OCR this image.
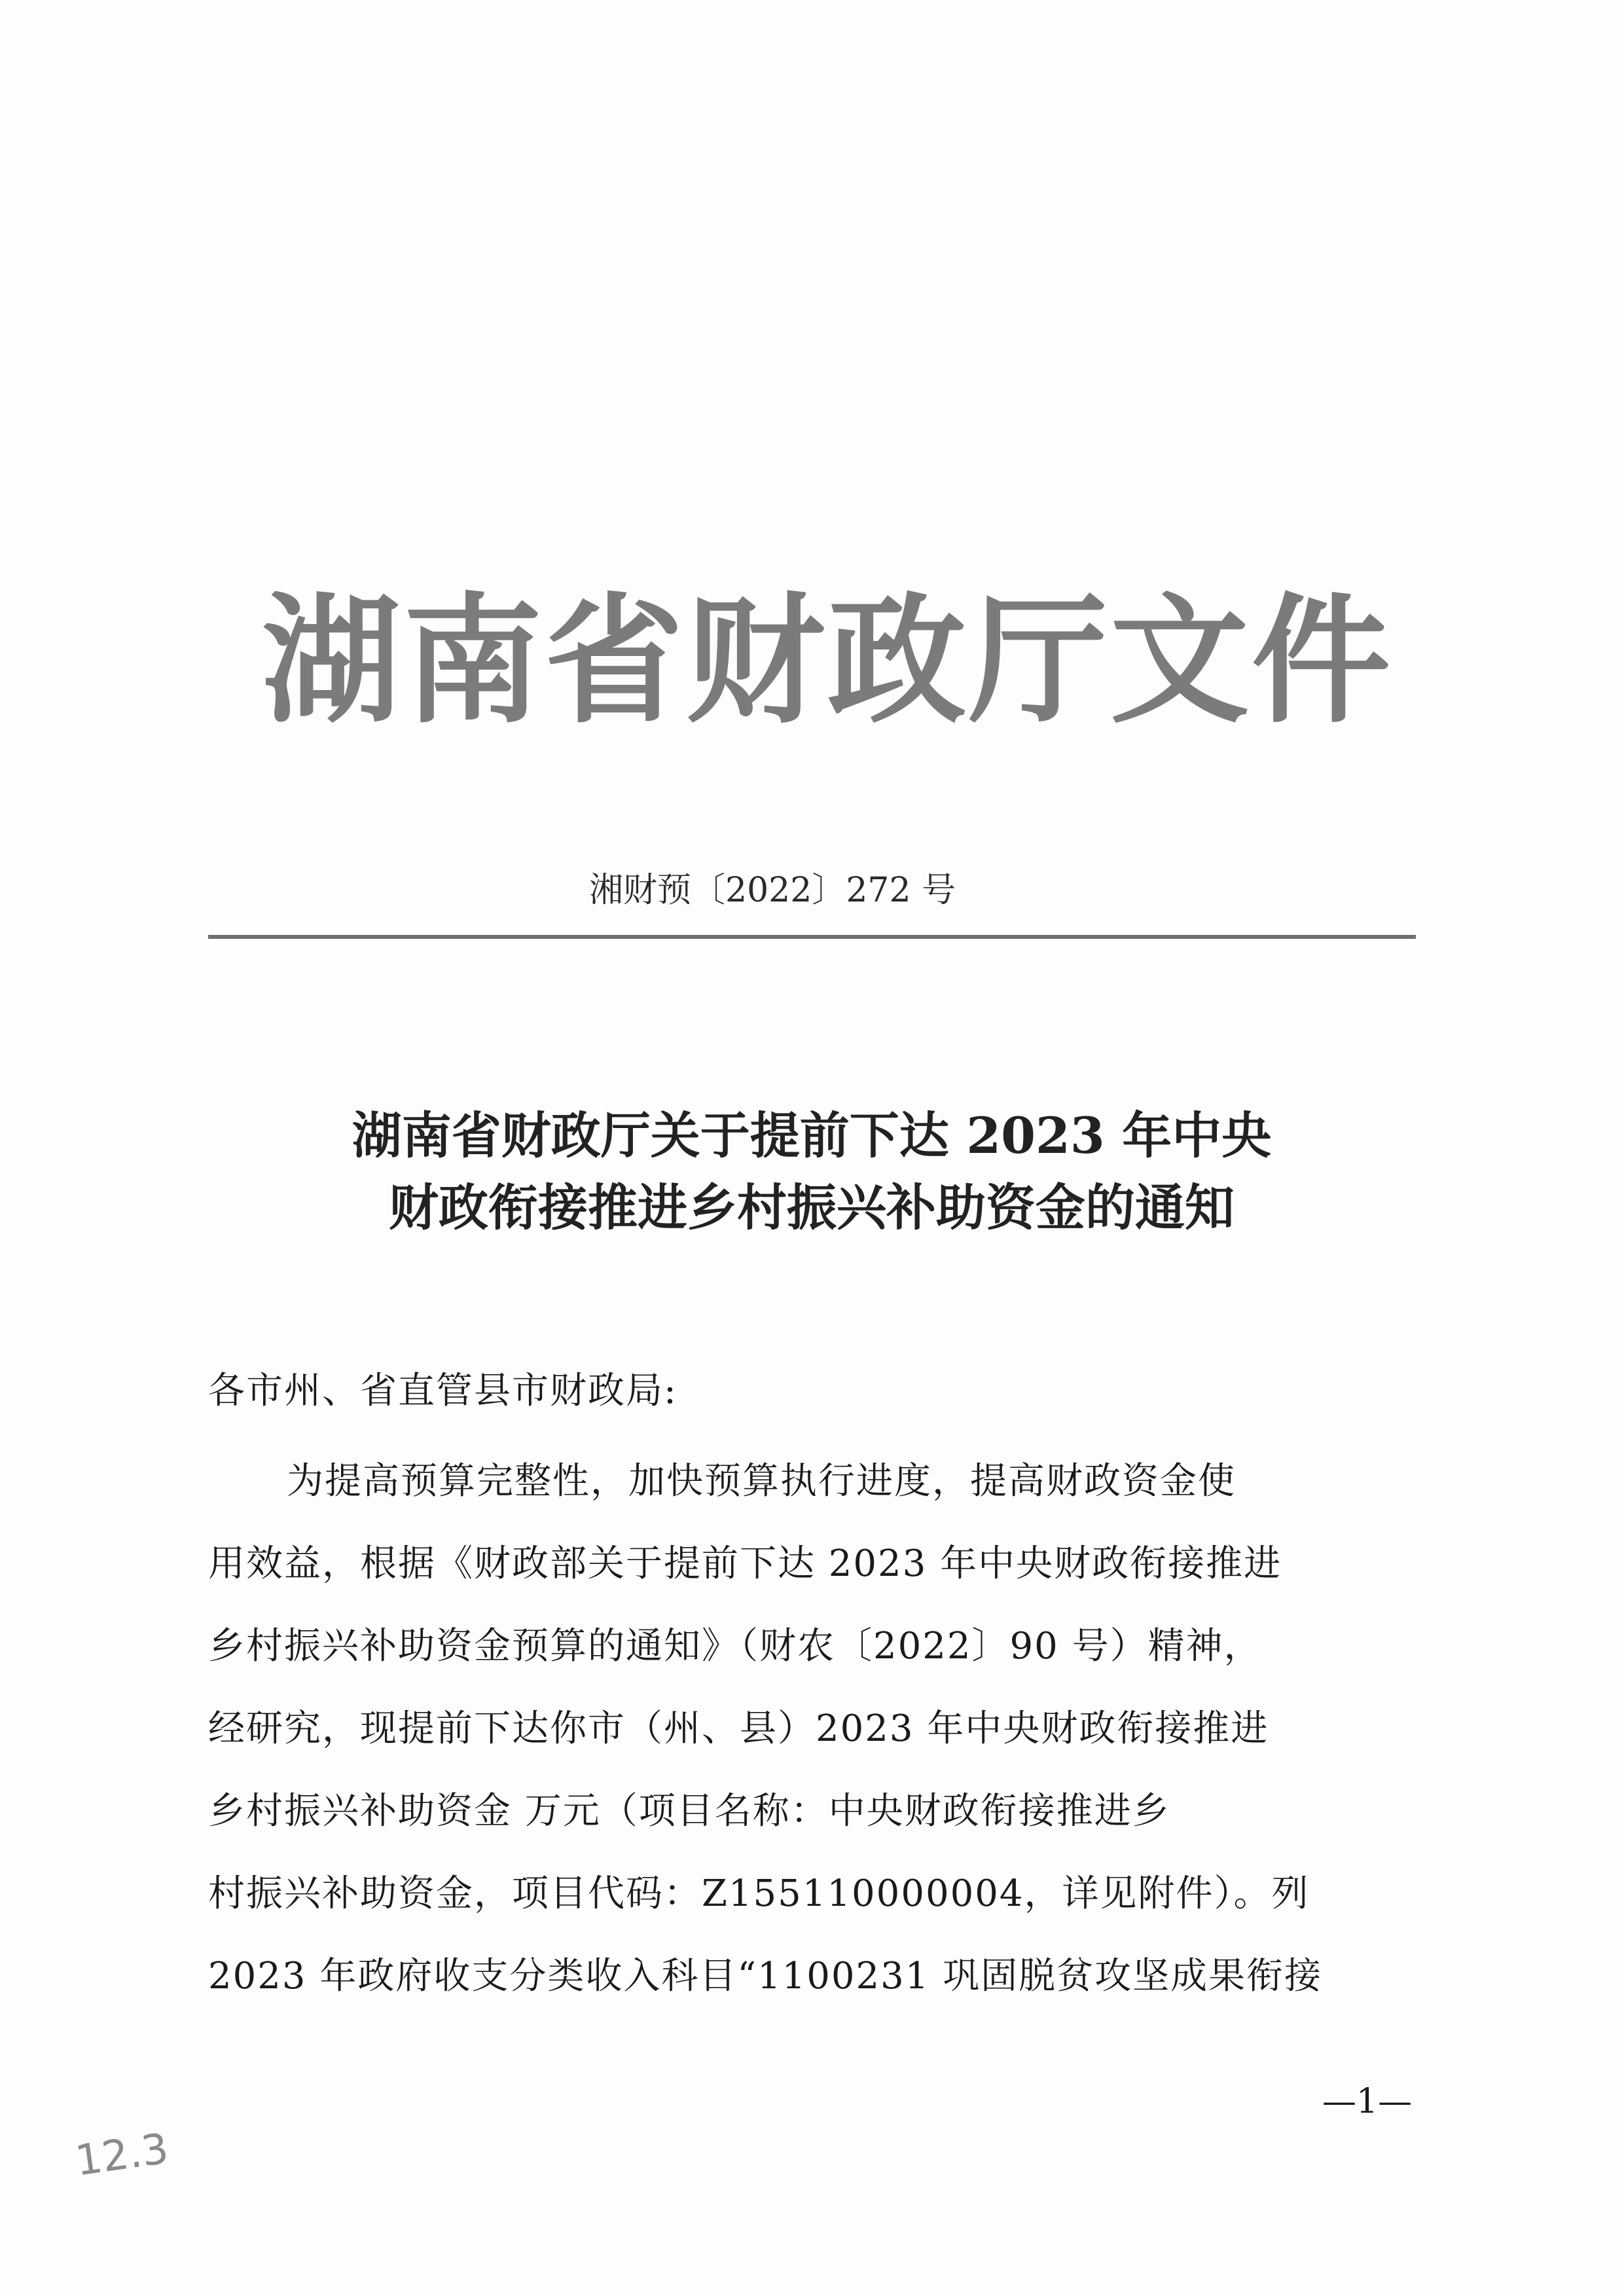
湖南省财政厅文件
湘财预〔2022〕272 号
湖南省财政厅关于提前下达 2023 年中央
财政衔接推进乡村振兴补助资金的通知
各市州、省直管县市财政局:
为提高预算完整性，加快预算执行进度，提高财政资金使
用效益，根据《财政部关于提前下达 2023 年中央财政衔接推进
乡村振兴补助资金预算的通知》（财农〔2022〕90 号）精神，
经研究，现提前下达你市（州、县）2023 年中央财政衔接推进
乡村振兴补助资金 万元（项目名称：中央财政衔接推进乡
村振兴补助资金，项目代码：Z155110000004，详见附件）。列
2023 年政府收支分类收入科目“1100231 巩固脱贫攻坚成果衔接
—1—
12.3
